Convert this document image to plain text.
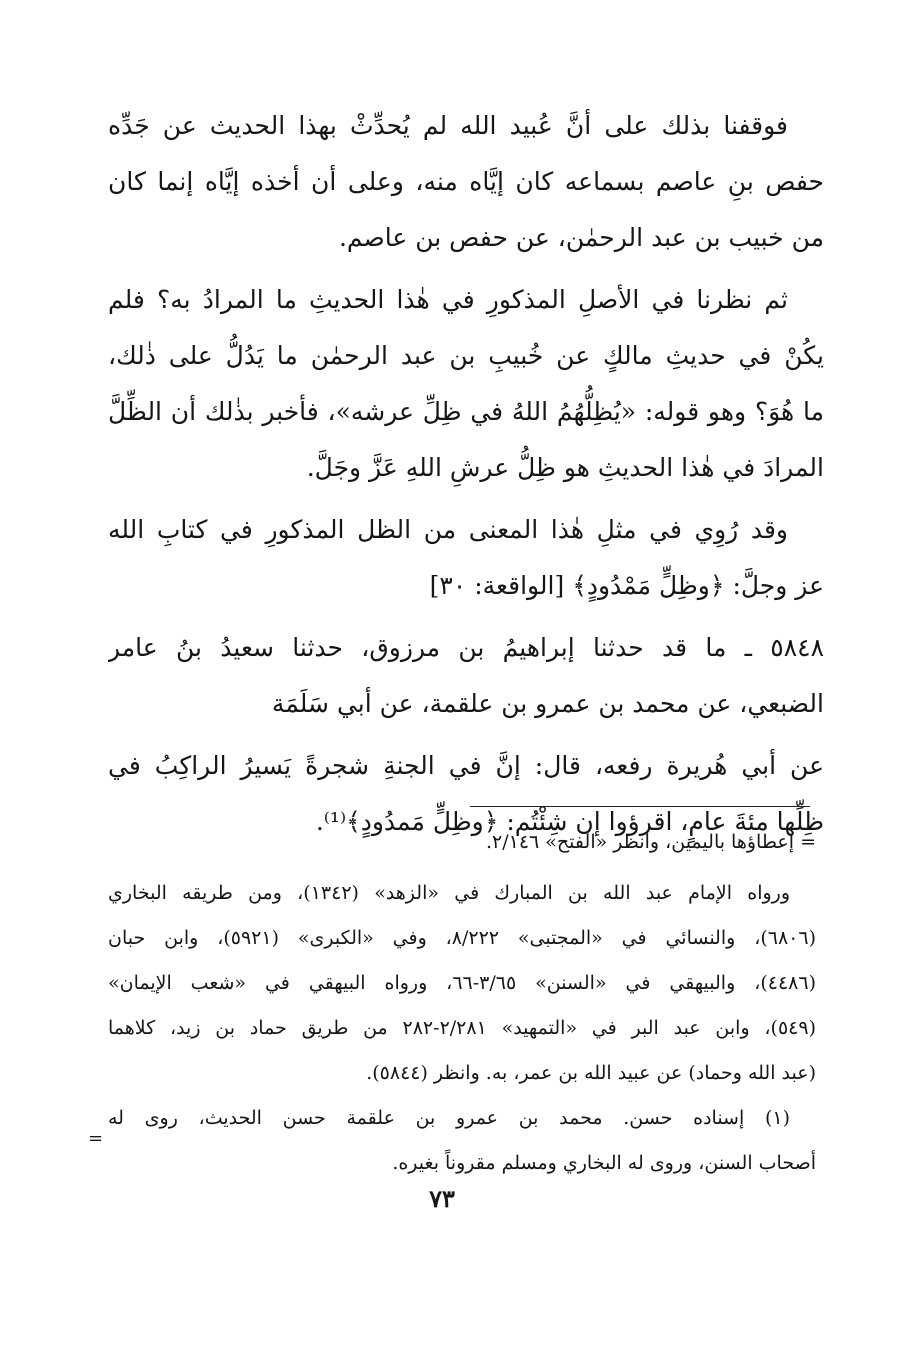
فوقفنا بذلك على أنَّ عُبيد الله لم يُحدِّثْ بهذا الحديث عن جَدِّه
حفص بنِ عاصم بسماعه كان إيَّاه منه، وعلى أن أخذه إيَّاه إنما كان
من خبيب بن عبد الرحمٰن، عن حفص بن عاصم.
ثم نظرنا في الأصلِ المذكورِ في هٰذا الحديثِ ما المرادُ به؟ فلم
يكُنْ في حديثِ مالكٍ عن خُبيبِ بن عبد الرحمٰن ما يَدُلُّ على ذٰلك،
ما هُوَ؟ وهو قوله: «يُظِلُّهُمُ اللهُ في ظِلِّ عرشه»، فأخبر بذٰلك أن الظِّلَّ
المرادَ في هٰذا الحديثِ هو ظِلُّ عرشِ اللهِ عَزَّ وجَلَّ.
وقد رُوِي في مثلِ هٰذا المعنى من الظل المذكورِ في كتابِ الله
عز وجلَّ: ﴿وظِلٍّ مَمْدُودٍ﴾ [الواقعة: ٣٠]
٥٨٤٨ ـ ما قد حدثنا إبراهيمُ بن مرزوق، حدثنا سعيدُ بنُ عامر
الضبعي، عن محمد بن عمرو بن علقمة، عن أبي سَلَمَة
عن أبي هُريرة رفعه، قال: إنَّ في الجنةِ شجرةً يَسيرُ الراكِبُ في
ظِلِّها مئةَ عامٍ، اقرؤوا إن شِئْتُم: ﴿وظِلٍّ مَمدُودٍ﴾⁽¹⁾.
= إعطاؤها باليمين، وانظر «الفتح» ٢/١٤٦.
ورواه الإمام عبد الله بن المبارك في «الزهد» (١٣٤٢)، ومن طريقه البخاري
(٦٨٠٦)، والنسائي في «المجتبى» ٨/٢٢٢، وفي «الكبرى» (٥٩٢١)، وابن حبان
(٤٤٨٦)، والبيهقي في «السنن» ٣/٦٥-٦٦، ورواه البيهقي في «شعب الإيمان»
(٥٤٩)، وابن عبد البر في «التمهيد» ٢/٢٨١-٢٨٢ من طريق حماد بن زيد، كلاهما
(عبد الله وحماد) عن عبيد الله بن عمر، به. وانظر (٥٨٤٤).
(١) إسناده حسن. محمد بن عمرو بن علقمة حسن الحديث، روى له
أصحاب السنن، وروى له البخاري ومسلم مقروناً بغيره.
=
٧٣
